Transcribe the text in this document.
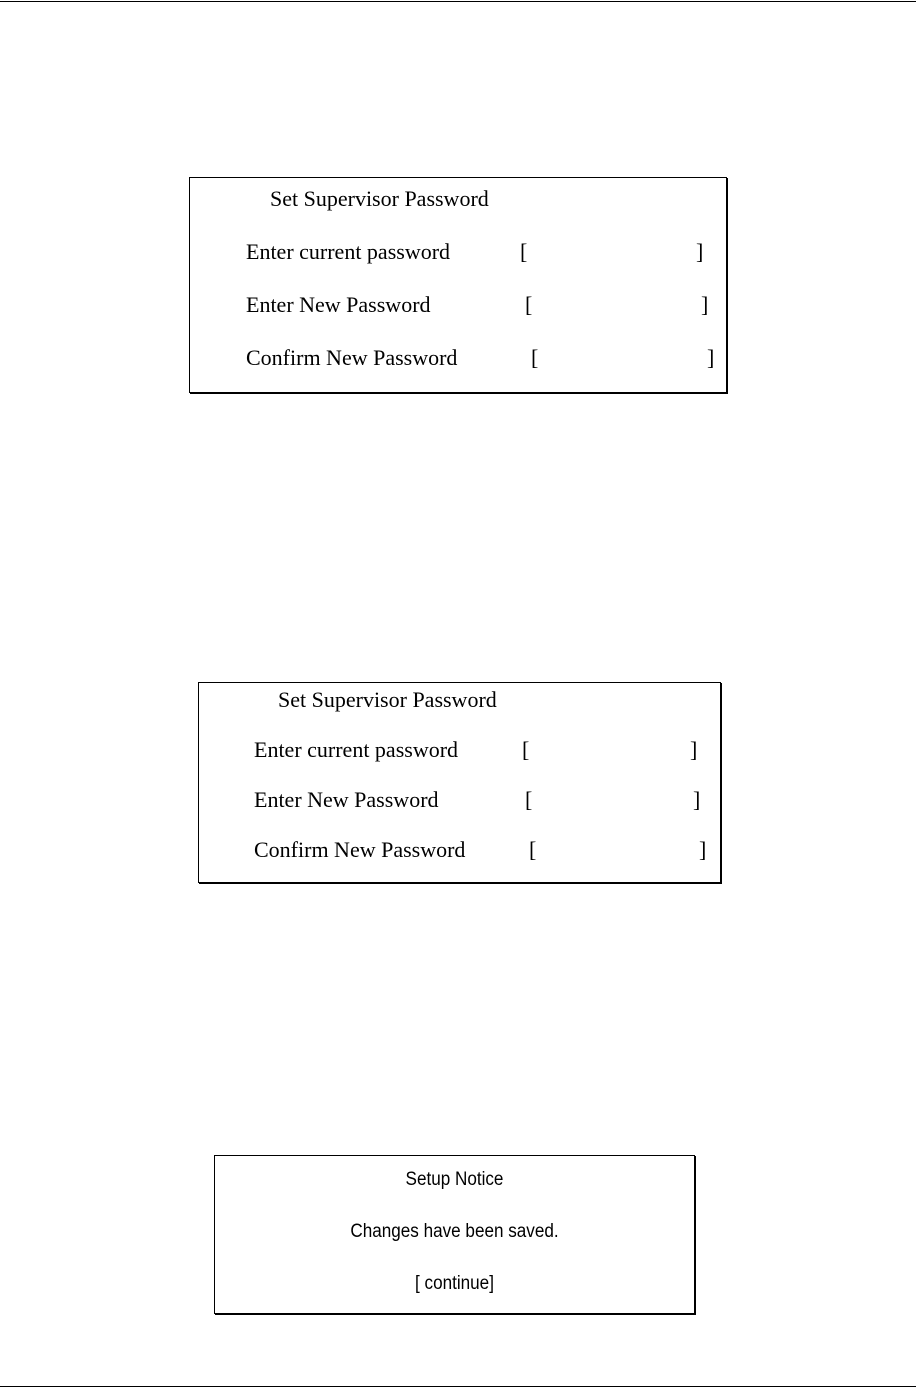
Set Supervisor Password
Enter current password	[	]
Enter New Password	[	]
Confirm New Password	[	]
Set Supervisor Password
Enter current password	[	]
Enter New Password	[	]
Confirm New Password	[	]
Setup Notice
Changes have been saved.
[ continue]
